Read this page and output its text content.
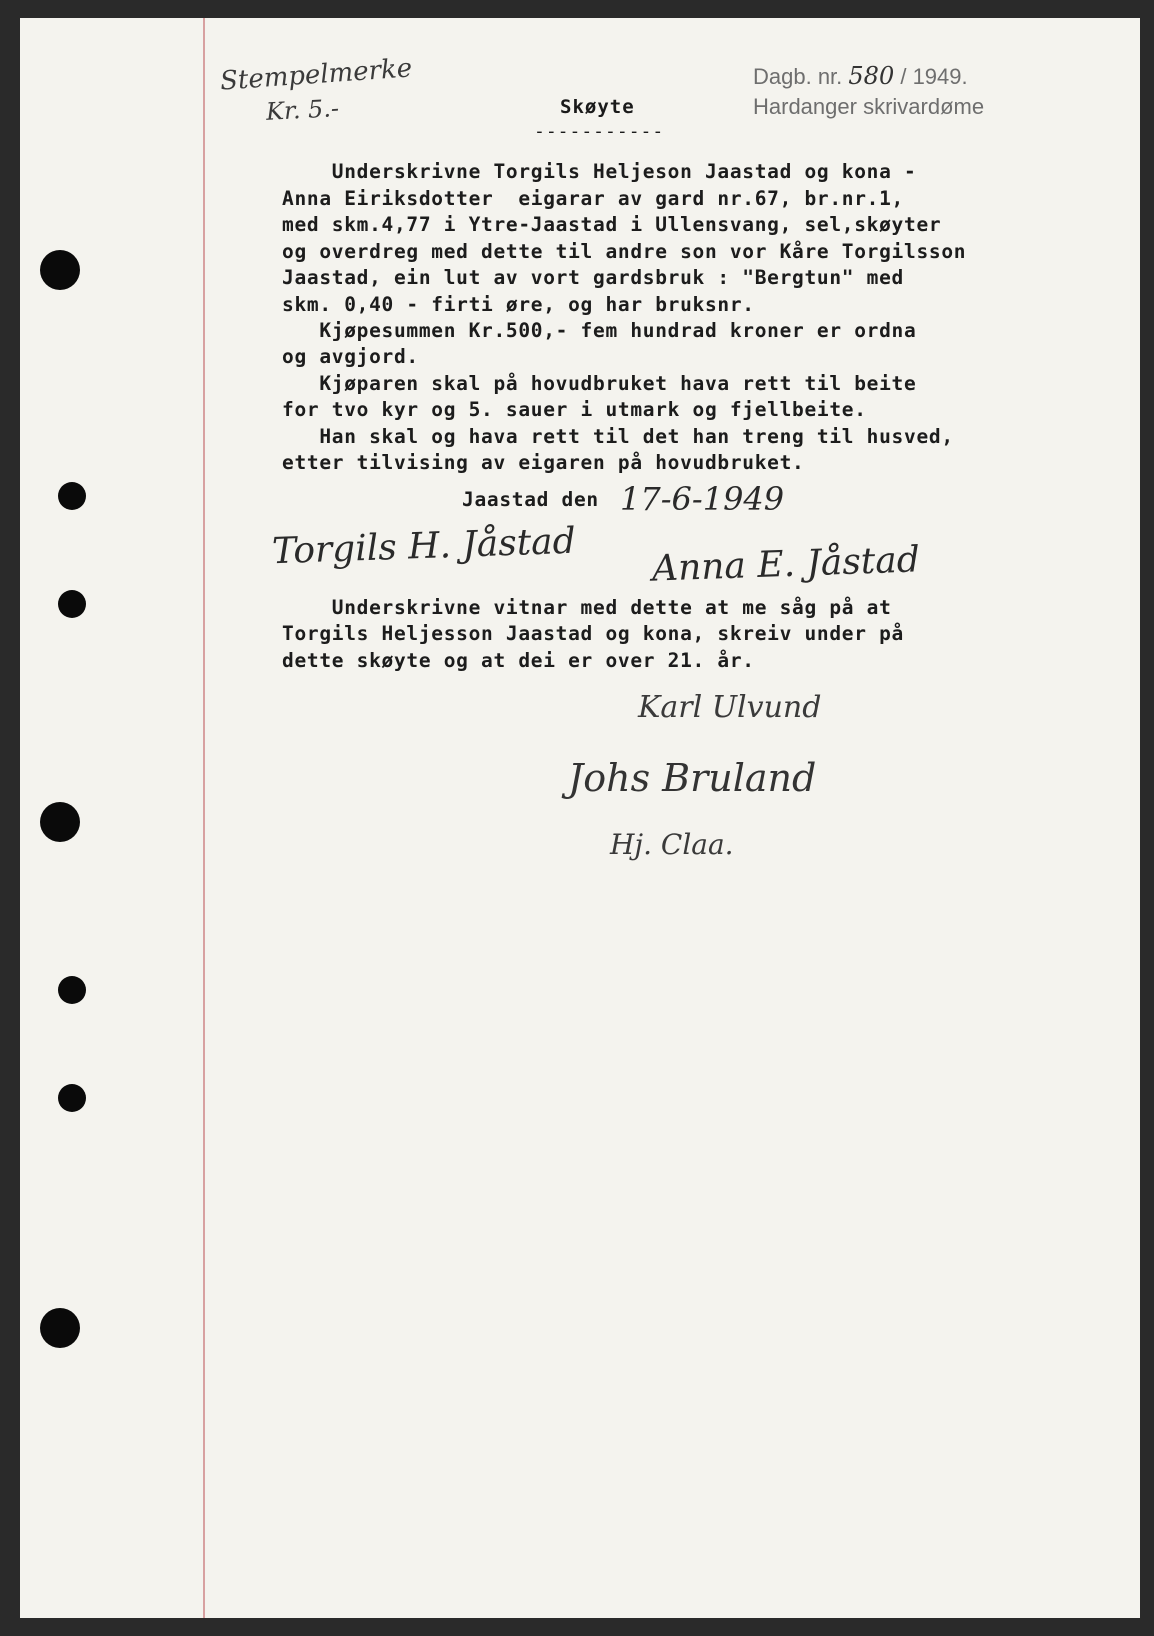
Stempelmerke
Kr. 5.-
Dagb. nr. 580 / 1949.
Hardanger skrivardøme
Skøyte
-----------
Underskrivne Torgils Heljeson Jaastad og kona -
Anna Eiriksdotter  eigarar av gard nr.67, br.nr.1,
med skm.4,77 i Ytre-Jaastad i Ullensvang, sel,skøyter
og overdreg med dette til andre son vor Kåre Torgilsson
Jaastad, ein lut av vort gardsbruk : "Bergtun" med
skm. 0,40 - firti øre, og har bruksnr.
Kjøpesummen Kr.500,- fem hundrad kroner er ordna
og avgjord.
Kjøparen skal på hovudbruket hava rett til beite
for tvo kyr og 5. sauer i utmark og fjellbeite.
Han skal og hava rett til det han treng til husved,
etter tilvising av eigaren på hovudbruket.
Jaastad den 17-6-1949
Torgils H. Jåstad Anna E. Jåstad
Underskrivne vitnar med dette at me såg på at
Torgils Heljesson Jaastad og kona, skreiv under på
dette skøyte og at dei er over 21. år.
Karl Ulvund
Johs Bruland
Hj. Claa.
